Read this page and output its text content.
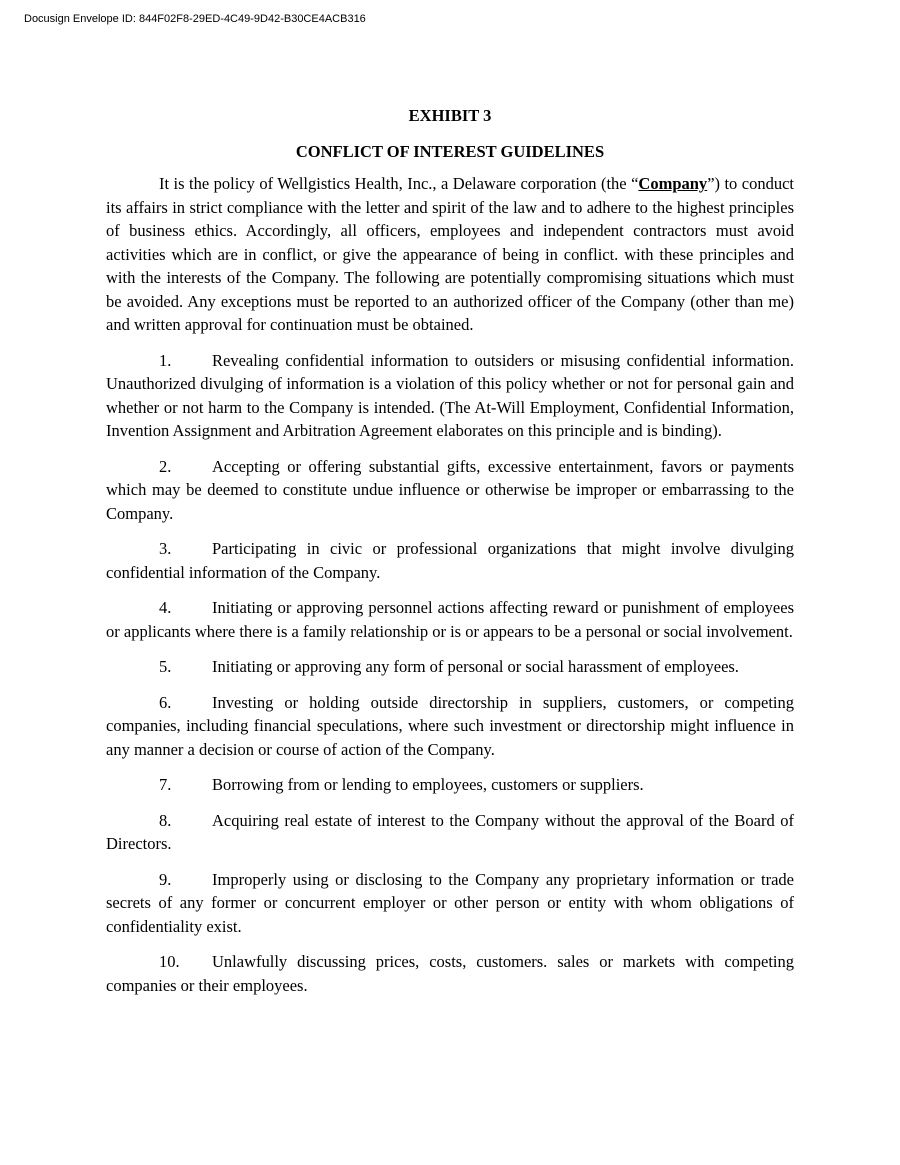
Docusign Envelope ID: 844F02F8-29ED-4C49-9D42-B30CE4ACB316

EXHIBIT 3

CONFLICT OF INTEREST GUIDELINES

It is the policy of Wellgistics Health, Inc., a Delaware corporation (the “Company”) to conduct its affairs in strict compliance with the letter and spirit of the law and to adhere to the highest principles of business ethics. Accordingly, all officers, employees and independent contractors must avoid activities which are in conflict, or give the appearance of being in conflict. with these principles and with the interests of the Company. The following are potentially compromising situations which must be avoided. Any exceptions must be reported to an authorized officer of the Company (other than me) and written approval for continuation must be obtained.

1. Revealing confidential information to outsiders or misusing confidential information. Unauthorized divulging of information is a violation of this policy whether or not for personal gain and whether or not harm to the Company is intended. (The At-Will Employment, Confidential Information, Invention Assignment and Arbitration Agreement elaborates on this principle and is binding).

2. Accepting or offering substantial gifts, excessive entertainment, favors or payments which may be deemed to constitute undue influence or otherwise be improper or embarrassing to the Company.

3. Participating in civic or professional organizations that might involve divulging confidential information of the Company.

4. Initiating or approving personnel actions affecting reward or punishment of employees or applicants where there is a family relationship or is or appears to be a personal or social involvement.

5. Initiating or approving any form of personal or social harassment of employees.

6. Investing or holding outside directorship in suppliers, customers, or competing companies, including financial speculations, where such investment or directorship might influence in any manner a decision or course of action of the Company.

7. Borrowing from or lending to employees, customers or suppliers.

8. Acquiring real estate of interest to the Company without the approval of the Board of Directors.

9. Improperly using or disclosing to the Company any proprietary information or trade secrets of any former or concurrent employer or other person or entity with whom obligations of confidentiality exist.

10. Unlawfully discussing prices, costs, customers. sales or markets with competing companies or their employees.
